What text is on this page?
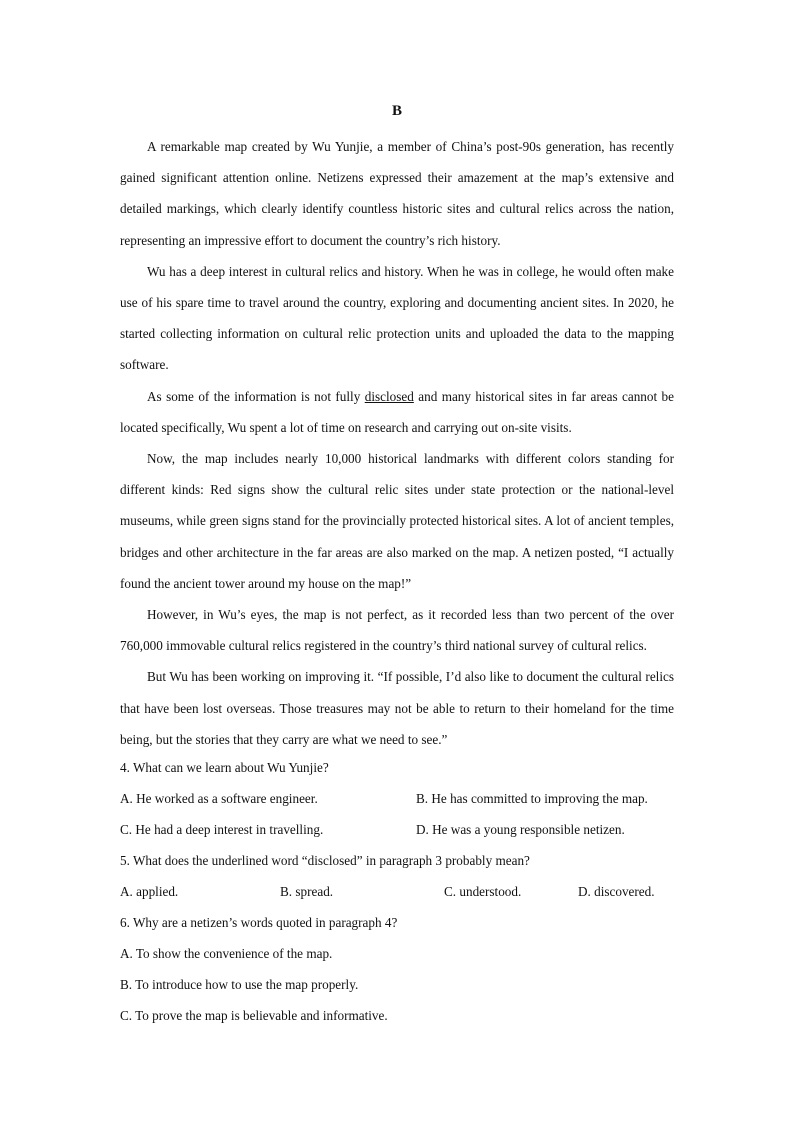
B

A remarkable map created by Wu Yunjie, a member of China’s post-90s generation, has recently gained significant attention online. Netizens expressed their amazement at the map’s extensive and detailed markings, which clearly identify countless historic sites and cultural relics across the nation, representing an impressive effort to document the country’s rich history.

Wu has a deep interest in cultural relics and history. When he was in college, he would often make use of his spare time to travel around the country, exploring and documenting ancient sites. In 2020, he started collecting information on cultural relic protection units and uploaded the data to the mapping software.

As some of the information is not fully disclosed and many historical sites in far areas cannot be located specifically, Wu spent a lot of time on research and carrying out on-site visits.

Now, the map includes nearly 10,000 historical landmarks with different colors standing for different kinds: Red signs show the cultural relic sites under state protection or the national-level museums, while green signs stand for the provincially protected historical sites. A lot of ancient temples, bridges and other architecture in the far areas are also marked on the map. A netizen posted, “I actually found the ancient tower around my house on the map!”

However, in Wu’s eyes, the map is not perfect, as it recorded less than two percent of the over 760,000 immovable cultural relics registered in the country’s third national survey of cultural relics.

But Wu has been working on improving it. “If possible, I’d also like to document the cultural relics that have been lost overseas. Those treasures may not be able to return to their homeland for the time being, but the stories that they carry are what we need to see.”

4. What can we learn about Wu Yunjie?
A. He worked as a software engineer.	B. He has committed to improving the map.
C. He had a deep interest in travelling.	D. He was a young responsible netizen.
5. What does the underlined word “disclosed” in paragraph 3 probably mean?
A. applied.	B. spread.	C. understood.	D. discovered.
6. Why are a netizen’s words quoted in paragraph 4?
A. To show the convenience of the map.
B. To introduce how to use the map properly.
C. To prove the map is believable and informative.
